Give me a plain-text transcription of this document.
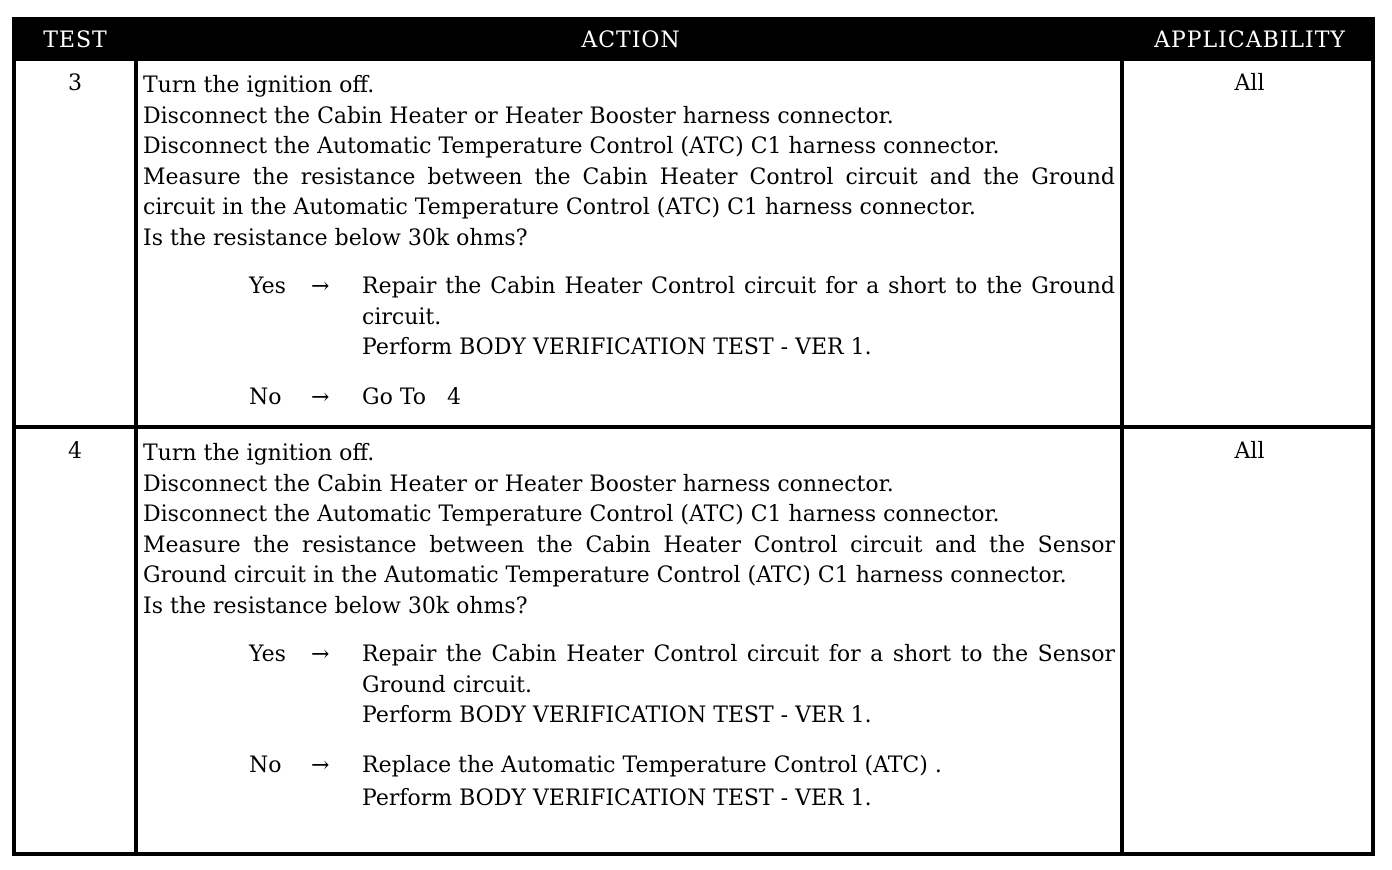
TEST	ACTION	APPLICABILITY
3	Turn the ignition off.
Disconnect the Cabin Heater or Heater Booster harness connector.
Disconnect the Automatic Temperature Control (ATC) C1 harness connector.
Measure the resistance between the Cabin Heater Control circuit and the Ground
circuit in the Automatic Temperature Control (ATC) C1 harness connector.
Is the resistance below 30k ohms?
Yes → Repair the Cabin Heater Control circuit for a short to the Ground
circuit.
Perform BODY VERIFICATION TEST - VER 1.
No → Go To   4
All
4	Turn the ignition off.
Disconnect the Cabin Heater or Heater Booster harness connector.
Disconnect the Automatic Temperature Control (ATC) C1 harness connector.
Measure the resistance between the Cabin Heater Control circuit and the Sensor
Ground circuit in the Automatic Temperature Control (ATC) C1 harness connector.
Is the resistance below 30k ohms?
Yes → Repair the Cabin Heater Control circuit for a short to the Sensor
Ground circuit.
Perform BODY VERIFICATION TEST - VER 1.
No → Replace the Automatic Temperature Control (ATC) .
Perform BODY VERIFICATION TEST - VER 1.
All
